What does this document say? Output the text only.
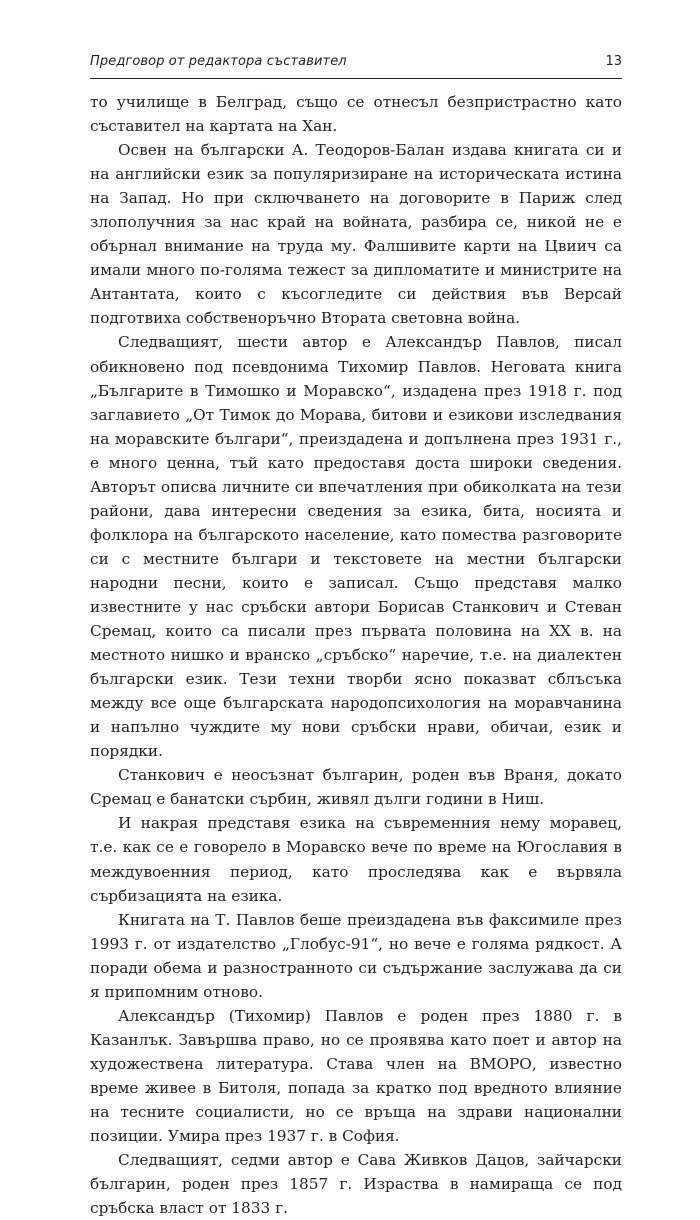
Предговор от редактора съставител	13

то училище в Белград, също се отнесъл безпристрастно като съставител на картата на Хан.

Освен на български А. Теодоров-Балан издава книгата си и на английски език за популяризиране на историческата истина на Запад. Но при сключването на договорите в Париж след злополучния за нас край на войната, разбира се, никой не е обърнал внимание на труда му. Фалшивите карти на Цвиич са имали много по-голяма тежест за дипломатите и министрите на Антантата, които с късогледите си действия във Версай подготвиха собственоръчно Втората световна война.

Следващият, шести автор е Александър Павлов, писал обикновено под псевдонима Тихомир Павлов. Неговата книга „Българите в Тимошко и Моравско“, издадена през 1918 г. под заглавието „От Тимок до Морава, битови и езикови изследвания на моравските българи“, преиздадена и допълнена през 1931 г., е много ценна, тъй като предоставя доста широки сведения. Авторът описва личните си впечатления при обиколката на тези райони, дава интересни сведения за езика, бита, носията и фолклора на българското население, като помества разговорите си с местните българи и текстовете на местни български народни песни, които е записал. Също представя малко известните у нас сръбски автори Борисав Станкович и Стеван Сремац, които са писали през първата половина на XX в. на местното нишко и вранско „сръбско“ наречие, т.е. на диалектен български език. Тези техни творби ясно показват сблъсъка между все още българската народопсихология на моравчанина и напълно чуждите му нови сръбски нрави, обичаи, език и порядки.

Станкович е неосъзнат българин, роден във Враня, докато Сремац е банатски сърбин, живял дълги години в Ниш.

И накрая представя езика на съвременния нему моравец, т.е. как се е говорело в Моравско вече по време на Югославия в междувоенния период, като проследява как е вървяла сърбизацията на езика.

Книгата на Т. Павлов беше преиздадена във факсимиле през 1993 г. от издателство „Глобус-91“, но вече е голяма рядкост. А поради обема и разностранното си съдържание заслужава да си я припомним отново.

Александър (Тихомир) Павлов е роден през 1880 г. в Казанлък. Завършва право, но се проявява като поет и автор на художествена литература. Става член на ВМОРО, известно време живее в Битоля, попада за кратко под вредното влияние на тесните социалисти, но се връща на здрави национални позиции. Умира през 1937 г. в София.

Следващият, седми автор е Сава Живков Дацов, зайчарски българин, роден през 1857 г. Израства в намираща се под сръбска власт от 1833 г.
